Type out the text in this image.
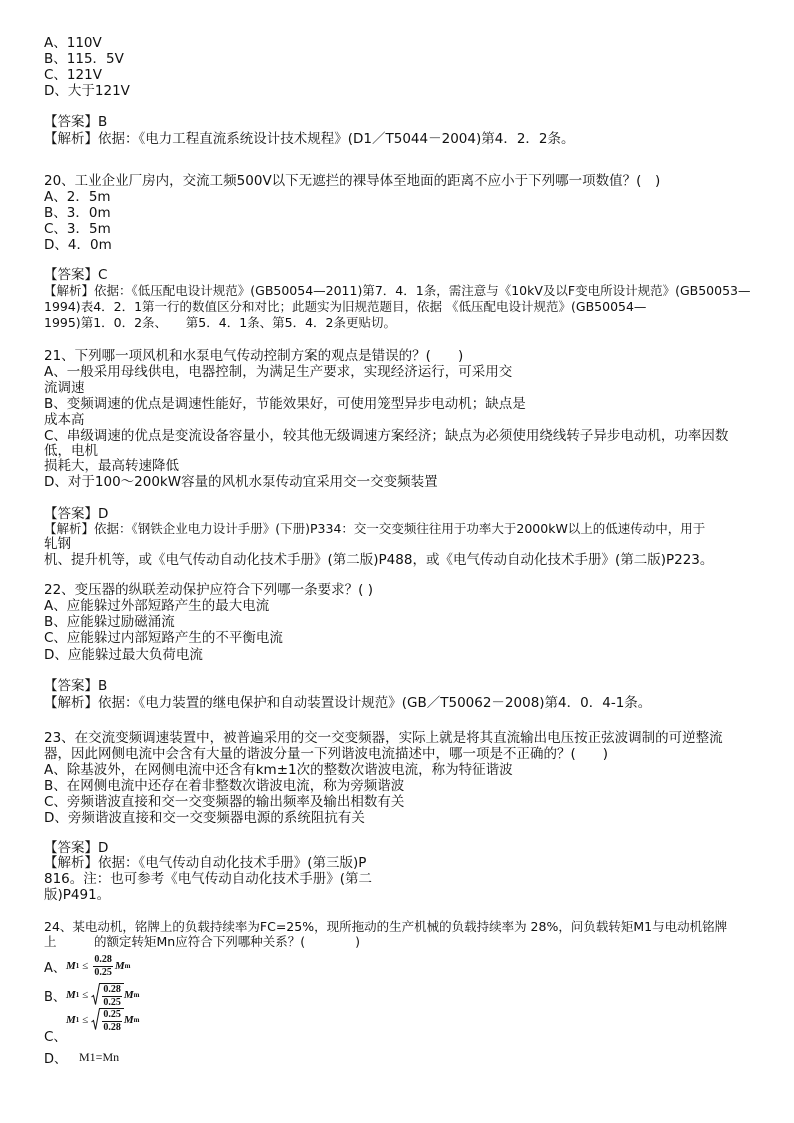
A、110V
B、115．5V
C、121V
D、大于121V
【答案】B
【解析】依据：《电力工程直流系统设计技术规程》(D1／T5044－2004)第4．2．2条。
20、工业企业厂房内，交流工频500V以下无遮拦的裸导体至地面的距离不应小于下列哪一项数值？(　)
A、2．5m
B、3．0m
C、3．5m
D、4．0m
【答案】C
【解析】依据：《低压配电设计规范》(GB50054—2011)第7．4．1条，需注意与《10kV及以F变电所设计规范》(GB50053—
1994)表4．2．1第一行的数值区分和对比；此题实为旧规范题目，依据 《低压配电设计规范》(GB50054—
1995)第1．0．2条、　　第5．4．1条、第5．4．2条更贴切。
21、下列哪一项风机和水泵电气传动控制方案的观点是错误的？(　　)
A、一般采用母线供电，电器控制，为满足生产要求，实现经济运行，可采用交
流调速
B、变频调速的优点是调速性能好，节能效果好，可使用笼型异步电动机；缺点是
成本高
C、串级调速的优点是变流设备容量小，较其他无级调速方案经济；缺点为必须使用绕线转子异步电动机，功率因数
低，电机
损耗大，最高转速降低
D、对于100～200kW容量的风机水泵传动宜采用交一交变频装置
【答案】D
【解析】依据：《钢铁企业电力设计手册》(下册)P334：交一交变频往往用于功率大于2000kW以上的低速传动中，用于
轧钢
机、提升机等，或《电气传动自动化技术手册》(第二版)P488，或《电气传动自动化技术手册》(第二版)P223。
22、变压器的纵联差动保护应符合下列哪一条要求？( )
A、应能躲过外部短路产生的最大电流
B、应能躲过励磁涌流
C、应能躲过内部短路产生的不平衡电流
D、应能躲过最大负荷电流
【答案】B
【解析】依据：《电力装置的继电保护和自动装置设计规范》(GB／T50062－2008)第4．0．4-1条。
23、在交流变频调速装置中，被普遍采用的交一交变频器，实际上就是将其直流输出电压按正弦波调制的可逆整流
器，因此网侧电流中会含有大量的谐波分量一下列谐波电流描述中，哪一项是不正确的？(　　)
A、除基波外，在网侧电流中还含有km±1次的整数次谐波电流，称为特征谐波
B、在网侧电流中还存在着非整数次谐波电流，称为旁频谐波
C、旁频谐波直接和交一交变频器的输出频率及输出相数有关
D、旁频谐波直接和交一交变频器电源的系统阻抗有关
【答案】D
【解析】依据：《电气传动自动化技术手册》(第三版)P
816。注：也可参考《电气传动自动化技术手册》(第二
版)P491。
24、某电动机，铭牌上的负载持续率为FC=25%，现所拖动的生产机械的负载持续率为 28%，问负载转矩M1与电动机铭牌
上　　　的额定转矩Mn应符合下列哪种关系？(　　　　)
A、 M $1 \le \frac{0.28}{0.25}$ M m
B、 M $1 \le \frac{0.28}{0.25}$ M m
M $1 \le \frac{0.25}{0.28}$ M m
C、
D、 M1=Mn
